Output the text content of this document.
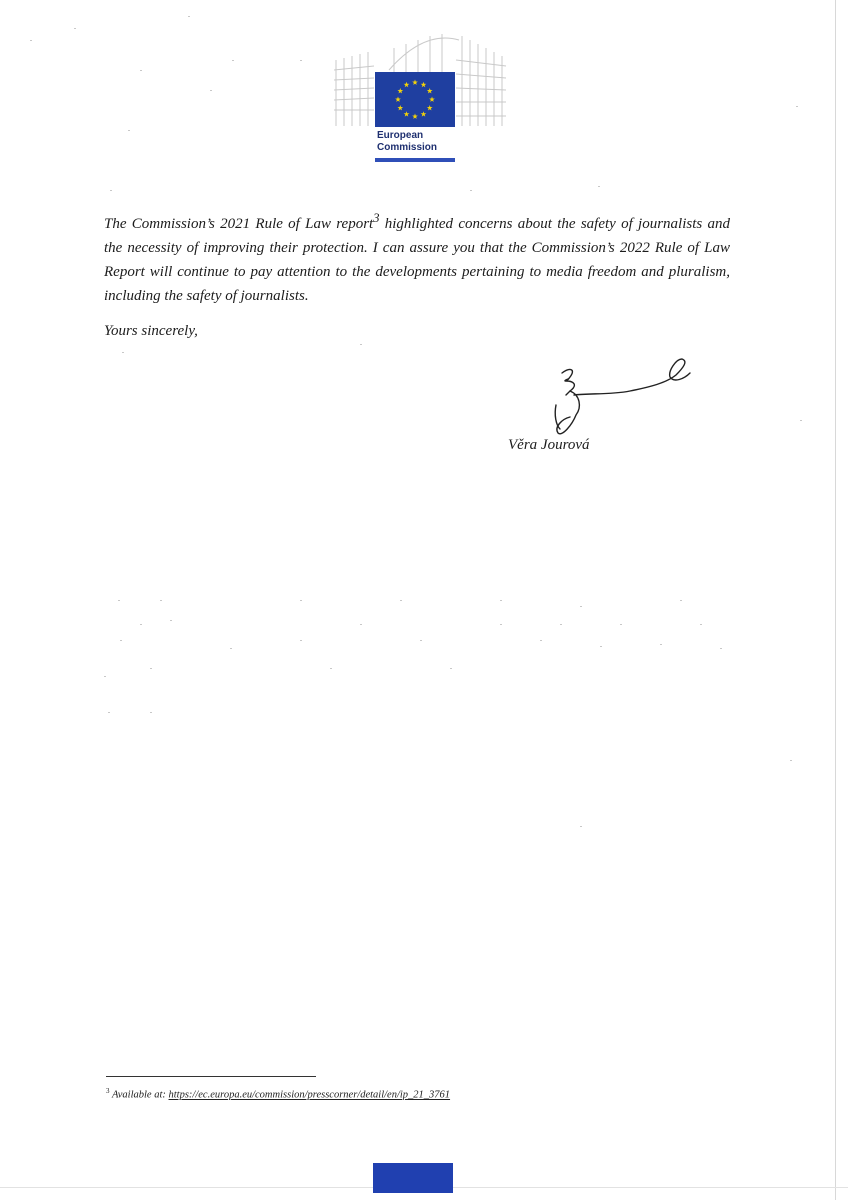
European
Commission

The Commission’s 2021 Rule of Law report$^3$ highlighted concerns about the safety of journalists and the necessity of improving their protection. I can assure you that the Commission’s 2022 Rule of Law Report will continue to pay attention to the developments pertaining to media freedom and pluralism, including the safety of journalists.

Yours sincerely,
Věra Jourová
$^3$ Available at: https://ec.europa.eu/commission/presscorner/detail/en/ip_21_3761
